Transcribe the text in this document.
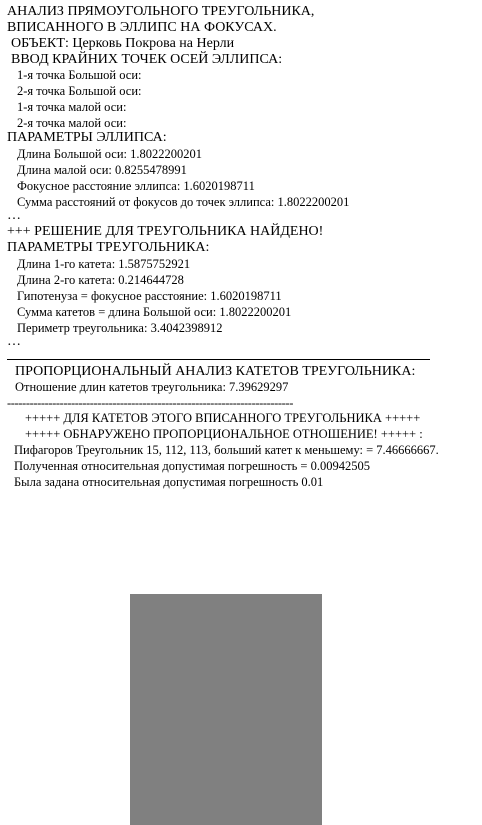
АНАЛИЗ ПРЯМОУГОЛЬНОГО ТРЕУГОЛЬНИКА,
ВПИСАННОГО В ЭЛЛИПС НА ФОКУСАХ.
ОБЪЕКТ: Церковь Покрова на Нерли
ВВОД КРАЙНИХ ТОЧЕК ОСЕЙ ЭЛЛИПСА:
1-я точка Большой оси:
2-я точка Большой оси:
1-я точка малой оси:
2-я точка малой оси:
ПАРАМЕТРЫ ЭЛЛИПСА:
Длина Большой оси: 1.8022200201
Длина малой оси: 0.8255478991
Фокусное расстояние эллипса: 1.6020198711
Сумма расстояний от фокусов до точек эллипса: 1.8022200201
…
+++ РЕШЕНИЕ ДЛЯ ТРЕУГОЛЬНИКА НАЙДЕНО!
ПАРАМЕТРЫ ТРЕУГОЛЬНИКА:
Длина 1-го катета: 1.5875752921
Длина 2-го катета: 0.214644728
Гипотенуза = фокусное расстояние: 1.6020198711
Сумма катетов = длина Большой оси: 1.8022200201
Периметр треугольника: 3.4042398912
…
ПРОПОРЦИОНАЛЬНЫЙ АНАЛИЗ КАТЕТОВ ТРЕУГОЛЬНИКА:
Отношение длин катетов треугольника: 7.39629297
----------------------------------------------------------------------------
+++++ ДЛЯ КАТЕТОВ ЭТОГО ВПИСАННОГО ТРЕУГОЛЬНИКА +++++
+++++ ОБНАРУЖЕНО ПРОПОРЦИОНАЛЬНОЕ ОТНОШЕНИЕ! +++++ :
Пифагоров Треугольник 15, 112, 113, больший катет к меньшему: = 7.46666667.
Полученная относительная допустимая погрешность = 0.00942505
Была задана относительная допустимая погрешность 0.01
